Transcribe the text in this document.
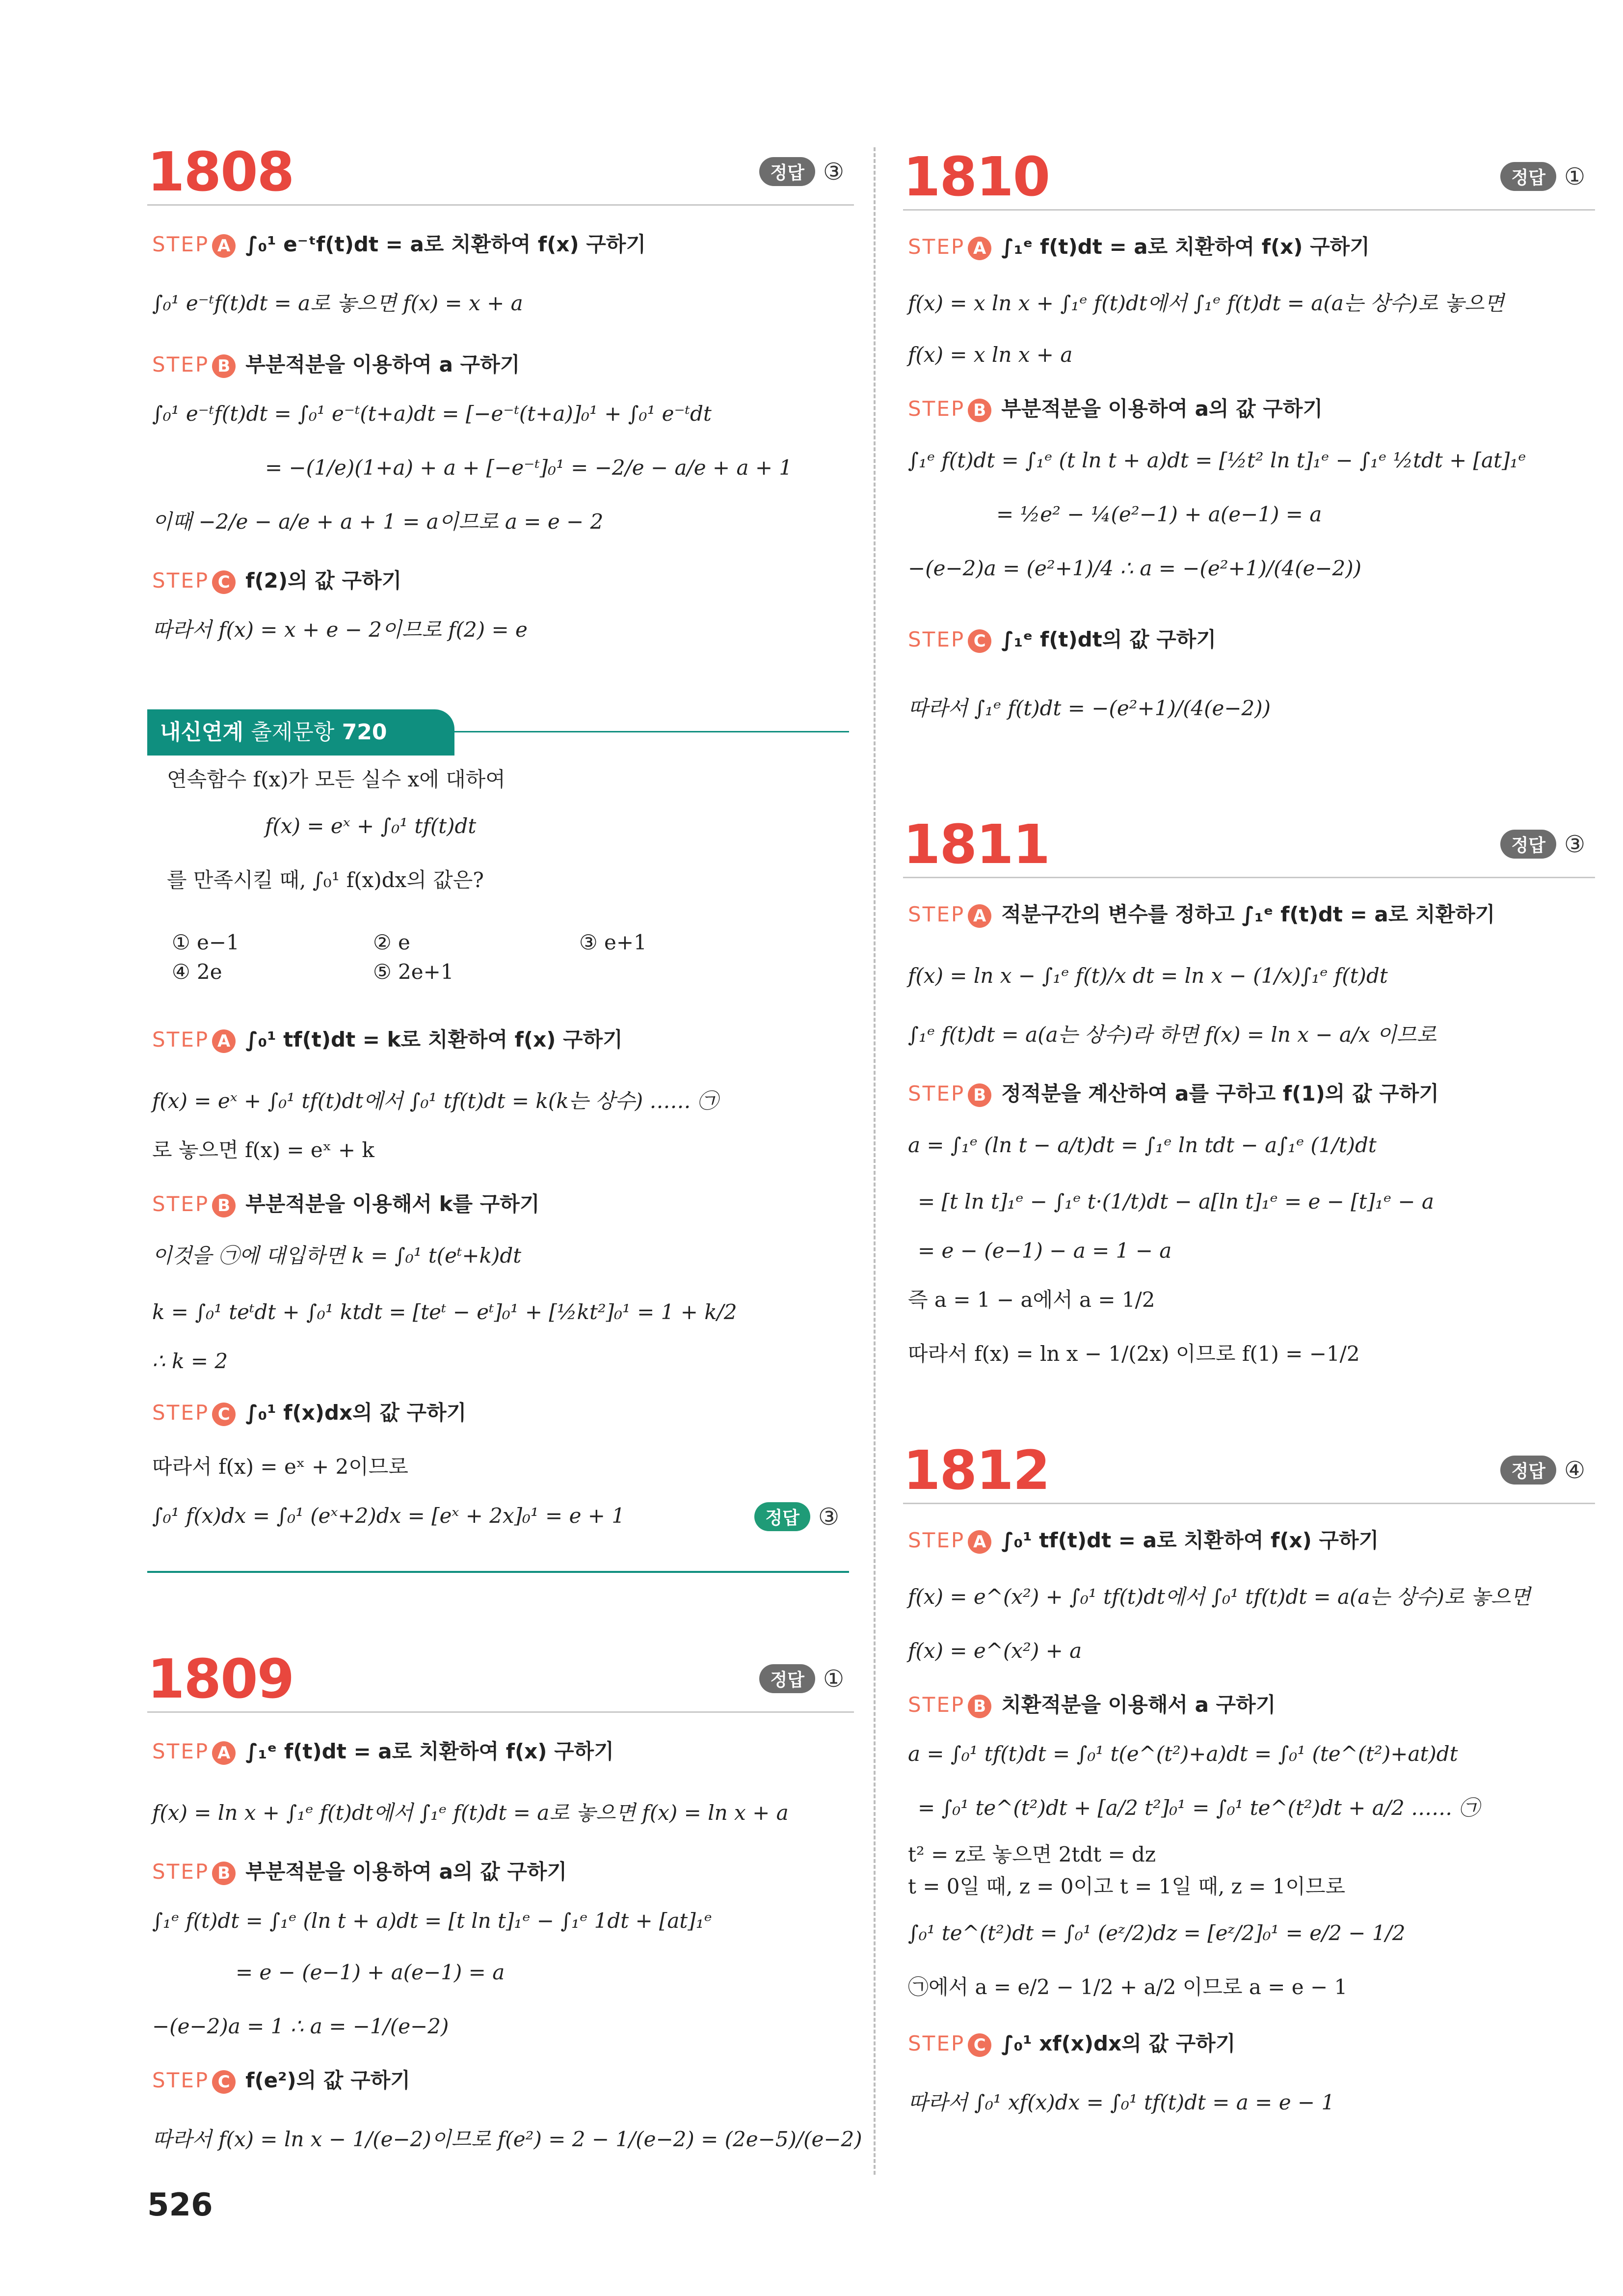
1808	정답 ③
STEP A ∫₀¹ e⁻ᵗf(t)dt = a로 치환하여 f(x) 구하기
∫₀¹ e⁻ᵗf(t)dt = a로 놓으면 f(x) = x + a
STEP B 부분적분을 이용하여 a 구하기
∫₀¹ e⁻ᵗf(t)dt = ∫₀¹ e⁻ᵗ(t+a)dt = [−e⁻ᵗ(t+a)]₀¹ + ∫₀¹ e⁻ᵗdt
= −(1/e)(1+a) + a + [−e⁻ᵗ]₀¹ = −2/e − a/e + a + 1
이때 −2/e − a/e + a + 1 = a이므로 a = e − 2
STEP C f(2)의 값 구하기
따라서 f(x) = x + e − 2이므로 f(2) = e
내신연계 출제문항 720
연속함수 f(x)가 모든 실수 x에 대하여
f(x) = eˣ + ∫₀¹ tf(t)dt
를 만족시킬 때, ∫₀¹ f(x)dx의 값은?
① e−1	② e	③ e+1
④ 2e	⑤ 2e+1
STEP A ∫₀¹ tf(t)dt = k로 치환하여 f(x) 구하기
f(x) = eˣ + ∫₀¹ tf(t)dt에서 ∫₀¹ tf(t)dt = k(k는 상수) …… ㉠
로 놓으면 f(x) = eˣ + k
STEP B 부분적분을 이용해서 k를 구하기
이것을 ㉠에 대입하면 k = ∫₀¹ t(eᵗ+k)dt
k = ∫₀¹ teᵗdt + ∫₀¹ ktdt = [teᵗ − eᵗ]₀¹ + [½kt²]₀¹ = 1 + k/2
∴ k = 2
STEP C ∫₀¹ f(x)dx의 값 구하기
따라서 f(x) = eˣ + 2이므로
∫₀¹ f(x)dx = ∫₀¹ (eˣ+2)dx = [eˣ + 2x]₀¹ = e + 1	정답 ③
1809	정답 ①
STEP A ∫₁ᵉ f(t)dt = a로 치환하여 f(x) 구하기
f(x) = ln x + ∫₁ᵉ f(t)dt에서 ∫₁ᵉ f(t)dt = a로 놓으면 f(x) = ln x + a
STEP B 부분적분을 이용하여 a의 값 구하기
∫₁ᵉ f(t)dt = ∫₁ᵉ (ln t + a)dt = [t ln t]₁ᵉ − ∫₁ᵉ 1dt + [at]₁ᵉ
= e − (e−1) + a(e−1) = a
−(e−2)a = 1 ∴ a = −1/(e−2)
STEP C f(e²)의 값 구하기
따라서 f(x) = ln x − 1/(e−2)이므로 f(e²) = 2 − 1/(e−2) = (2e−5)/(e−2)
1810	정답 ①
STEP A ∫₁ᵉ f(t)dt = a로 치환하여 f(x) 구하기
f(x) = x ln x + ∫₁ᵉ f(t)dt에서 ∫₁ᵉ f(t)dt = a(a는 상수)로 놓으면
f(x) = x ln x + a
STEP B 부분적분을 이용하여 a의 값 구하기
∫₁ᵉ f(t)dt = ∫₁ᵉ (t ln t + a)dt = [½t² ln t]₁ᵉ − ∫₁ᵉ ½tdt + [at]₁ᵉ
= ½e² − ¼(e²−1) + a(e−1) = a
−(e−2)a = (e²+1)/4 ∴ a = −(e²+1)/(4(e−2))
STEP C ∫₁ᵉ f(t)dt의 값 구하기
따라서 ∫₁ᵉ f(t)dt = −(e²+1)/(4(e−2))
1811	정답 ③
STEP A 적분구간의 변수를 정하고 ∫₁ᵉ f(t)dt = a로 치환하기
f(x) = ln x − ∫₁ᵉ f(t)/x dt = ln x − (1/x)∫₁ᵉ f(t)dt
∫₁ᵉ f(t)dt = a(a는 상수)라 하면 f(x) = ln x − a/x 이므로
STEP B 정적분을 계산하여 a를 구하고 f(1)의 값 구하기
a = ∫₁ᵉ (ln t − a/t)dt = ∫₁ᵉ ln tdt − a∫₁ᵉ (1/t)dt
= [t ln t]₁ᵉ − ∫₁ᵉ t·(1/t)dt − a[ln t]₁ᵉ = e − [t]₁ᵉ − a
= e − (e−1) − a = 1 − a
즉 a = 1 − a에서 a = 1/2
따라서 f(x) = ln x − 1/(2x) 이므로 f(1) = −1/2
1812	정답 ④
STEP A ∫₀¹ tf(t)dt = a로 치환하여 f(x) 구하기
f(x) = e^(x²) + ∫₀¹ tf(t)dt에서 ∫₀¹ tf(t)dt = a(a는 상수)로 놓으면
f(x) = e^(x²) + a
STEP B 치환적분을 이용해서 a 구하기
a = ∫₀¹ tf(t)dt = ∫₀¹ t(e^(t²)+a)dt = ∫₀¹ (te^(t²)+at)dt
= ∫₀¹ te^(t²)dt + [a/2 t²]₀¹ = ∫₀¹ te^(t²)dt + a/2 …… ㉠
t² = z로 놓으면 2tdt = dz
t = 0일 때, z = 0이고 t = 1일 때, z = 1이므로
∫₀¹ te^(t²)dt = ∫₀¹ (eᶻ/2)dz = [eᶻ/2]₀¹ = e/2 − 1/2
㉠에서 a = e/2 − 1/2 + a/2 이므로 a = e − 1
STEP C ∫₀¹ xf(x)dx의 값 구하기
따라서 ∫₀¹ xf(x)dx = ∫₀¹ tf(t)dt = a = e − 1
526
